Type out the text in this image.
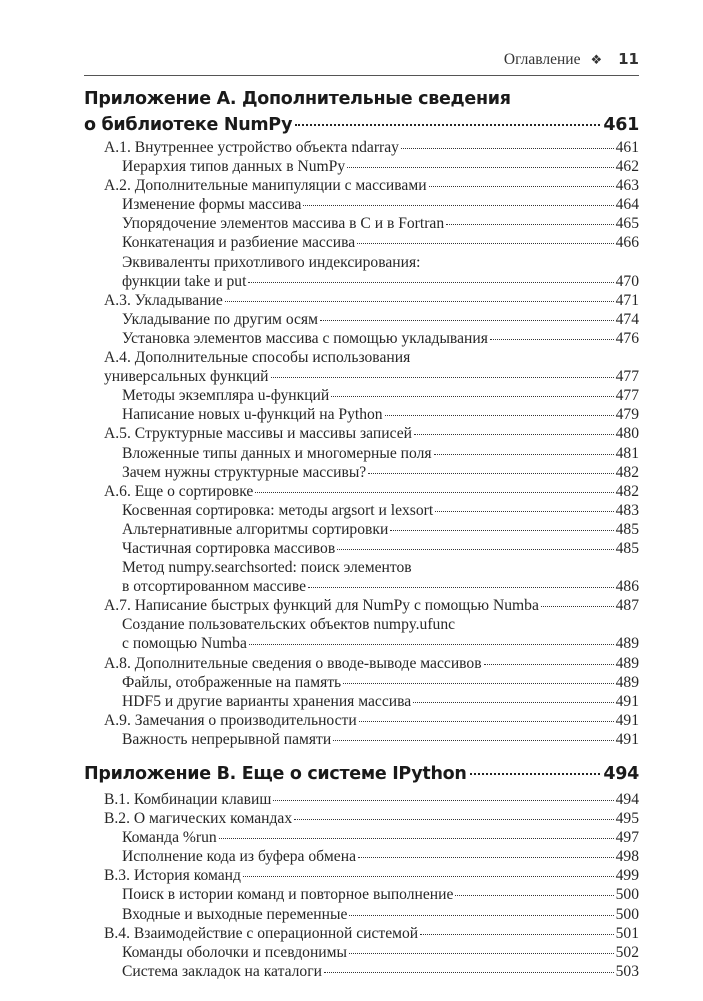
Оглавление ❖ 11
Приложение А. Дополнительные сведения
о библиотеке NumPy	461
А.1. Внутреннее устройство объекта ndarray	461
Иерархия типов данных в NumPy	462
А.2. Дополнительные манипуляции с массивами	463
Изменение формы массива	464
Упорядочение элементов массива в C и в Fortran	465
Конкатенация и разбиение массива	466
Эквиваленты прихотливого индексирования:
функции take и put	470
А.3. Укладывание	471
Укладывание по другим осям	474
Установка элементов массива с помощью укладывания	476
А.4. Дополнительные способы использования
универсальных функций	477
Методы экземпляра u-функций	477
Написание новых u-функций на Python	479
А.5. Структурные массивы и массивы записей	480
Вложенные типы данных и многомерные поля	481
Зачем нужны структурные массивы?	482
А.6. Еще о сортировке	482
Косвенная сортировка: методы argsort и lexsort	483
Альтернативные алгоритмы сортировки	485
Частичная сортировка массивов	485
Метод numpy.searchsorted: поиск элементов
в отсортированном массиве	486
А.7. Написание быстрых функций для NumPy с помощью Numba	487
Создание пользовательских объектов numpy.ufunc
с помощью Numba	489
А.8. Дополнительные сведения о вводе-выводе массивов	489
Файлы, отображенные на память	489
HDF5 и другие варианты хранения массива	491
А.9. Замечания о производительности	491
Важность непрерывной памяти	491
Приложение В. Еще о системе IPython	494
В.1. Комбинации клавиш	494
В.2. О магических командах	495
Команда %run	497
Исполнение кода из буфера обмена	498
В.3. История команд	499
Поиск в истории команд и повторное выполнение	500
Входные и выходные переменные	500
В.4. Взаимодействие с операционной системой	501
Команды оболочки и псевдонимы	502
Система закладок на каталоги	503
